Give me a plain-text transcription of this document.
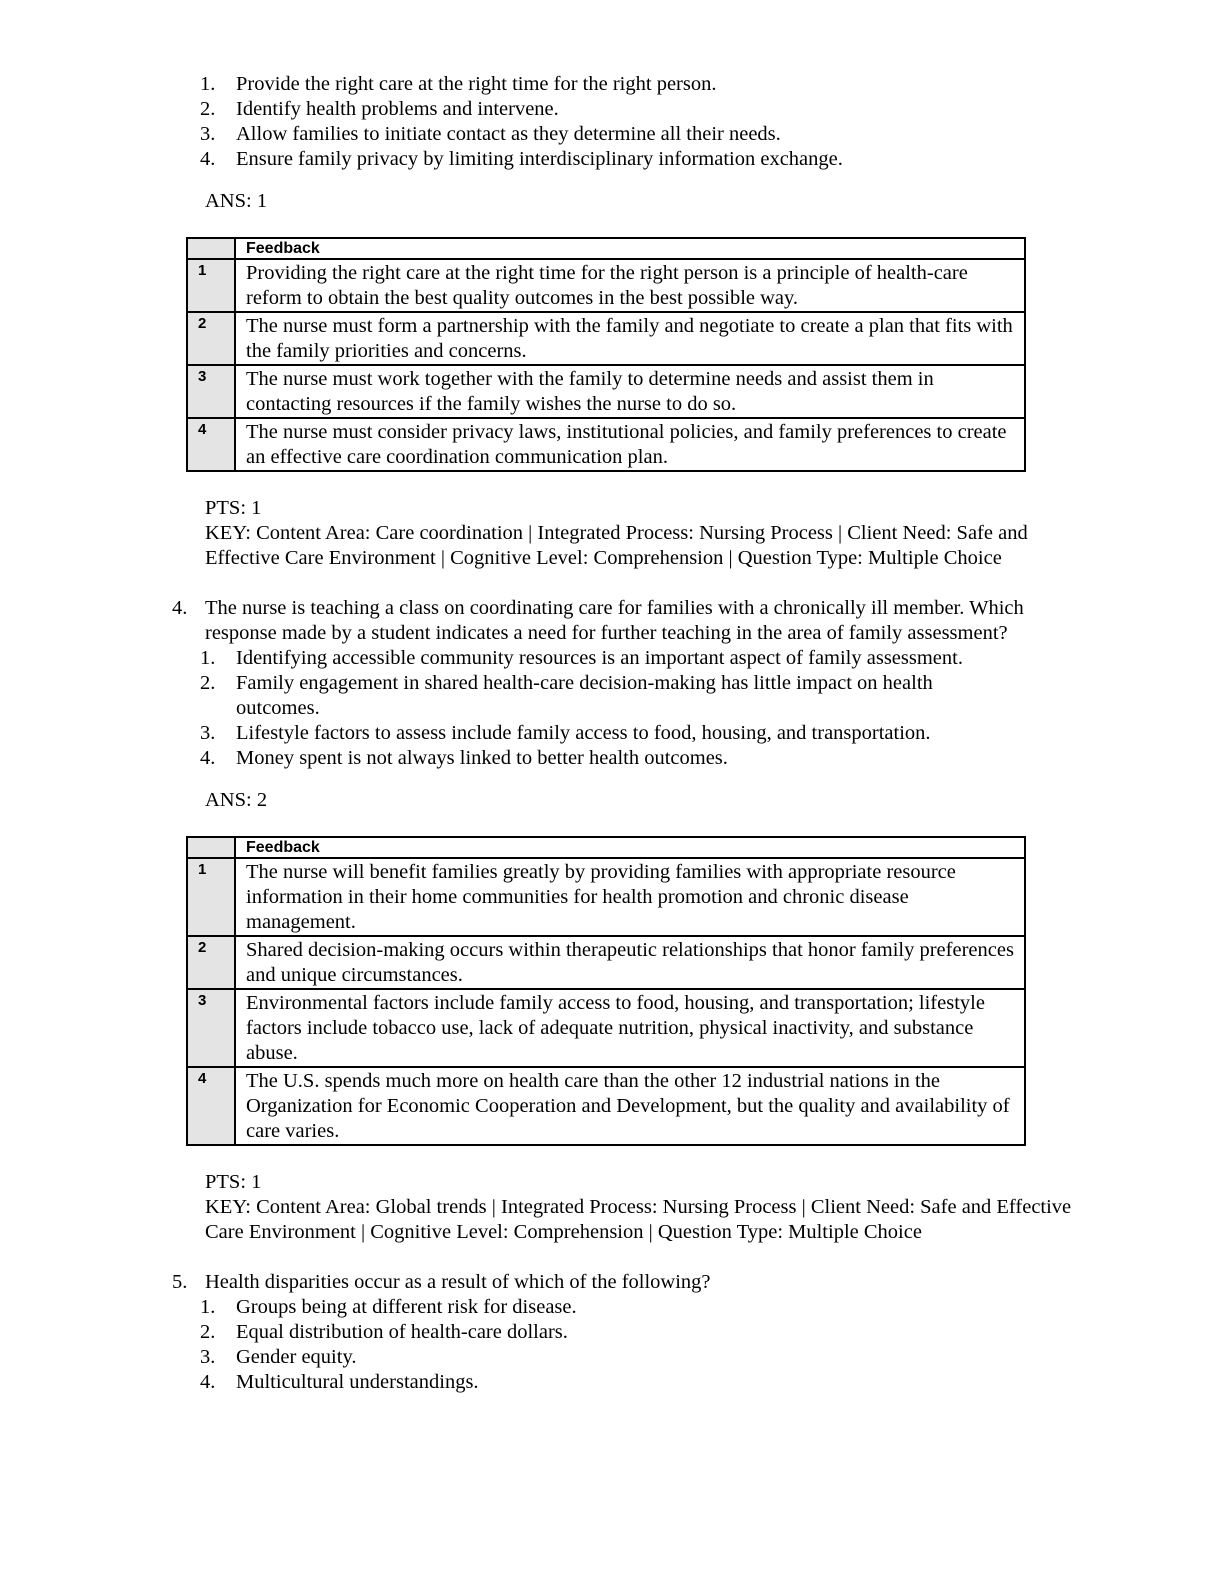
1. Provide the right care at the right time for the right person.
2. Identify health problems and intervene.
3. Allow families to initiate contact as they determine all their needs.
4. Ensure family privacy by limiting interdisciplinary information exchange.
ANS: 1
	Feedback
1	Providing the right care at the right time for the right person is a principle of health-care reform to obtain the best quality outcomes in the best possible way.
2	The nurse must form a partnership with the family and negotiate to create a plan that fits with the family priorities and concerns.
3	The nurse must work together with the family to determine needs and assist them in contacting resources if the family wishes the nurse to do so.
4	The nurse must consider privacy laws, institutional policies, and family preferences to create an effective care coordination communication plan.
PTS: 1
KEY: Content Area: Care coordination | Integrated Process: Nursing Process | Client Need: Safe and Effective Care Environment | Cognitive Level: Comprehension | Question Type: Multiple Choice
4. The nurse is teaching a class on coordinating care for families with a chronically ill member. Which response made by a student indicates a need for further teaching in the area of family assessment?
1. Identifying accessible community resources is an important aspect of family assessment.
2. Family engagement in shared health-care decision-making has little impact on health outcomes.
3. Lifestyle factors to assess include family access to food, housing, and transportation.
4. Money spent is not always linked to better health outcomes.
ANS: 2
	Feedback
1	The nurse will benefit families greatly by providing families with appropriate resource information in their home communities for health promotion and chronic disease management.
2	Shared decision-making occurs within therapeutic relationships that honor family preferences and unique circumstances.
3	Environmental factors include family access to food, housing, and transportation; lifestyle factors include tobacco use, lack of adequate nutrition, physical inactivity, and substance abuse.
4	The U.S. spends much more on health care than the other 12 industrial nations in the Organization for Economic Cooperation and Development, but the quality and availability of care varies.
PTS: 1
KEY: Content Area: Global trends | Integrated Process: Nursing Process | Client Need: Safe and Effective Care Environment | Cognitive Level: Comprehension | Question Type: Multiple Choice
5. Health disparities occur as a result of which of the following?
1. Groups being at different risk for disease.
2. Equal distribution of health-care dollars.
3. Gender equity.
4. Multicultural understandings.
